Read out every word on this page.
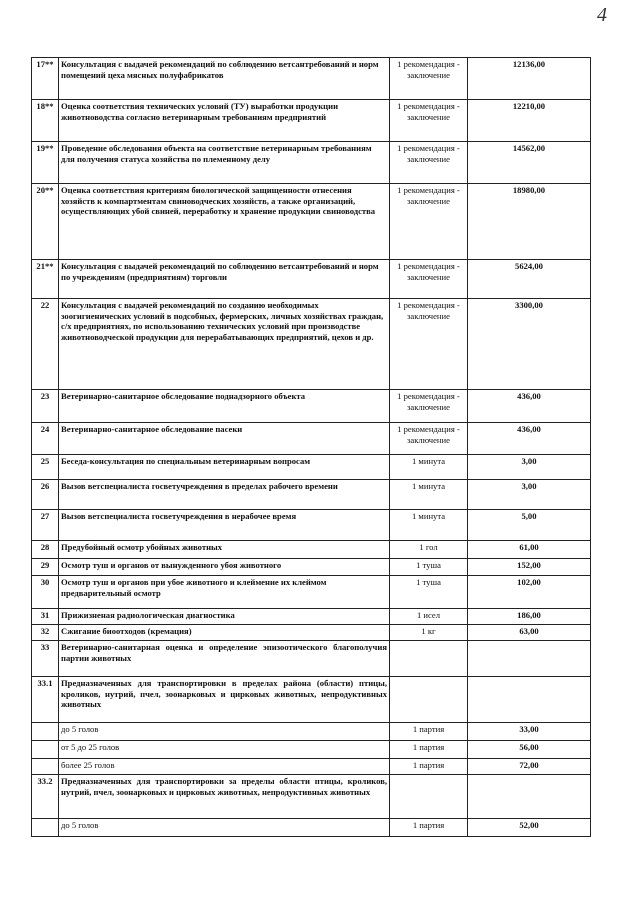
4
17**	Консультация с выдачей рекомендаций по соблюдению ветсантребований и норм помещений цеха мясных полуфабрикатов	1 рекомендация - заключение	12136,00
18**	Оценка соответствия технических условий (ТУ) выработки продукции животноводства согласно ветеринарным требованиям предприятий	1 рекомендация - заключение	12210,00
19**	Проведение обследования объекта на соответствие ветеринарным требованиям для получения статуса хозяйства по племенному делу	1 рекомендация - заключение	14562,00
20**	Оценка соответствия критериям биологической защищенности отнесения хозяйств к компартментам свиноводческих хозяйств, а также организаций, осуществляющих убой свиней, переработку и хранение продукции свиноводства	1 рекомендация - заключение	18980,00
21**	Консультация с выдачей рекомендаций по соблюдению ветсантребований и норм по учреждениям (предприятиям) торговли	1 рекомендация - заключение	5624,00
22	Консультация с выдачей рекомендаций по созданию необходимых зоогигиенических условий в подсобных, фермерских, личных хозяйствах граждан, с/х предприятиях, по использованию технических условий при производстве животноводческой продукции для перерабатывающих предприятий, цехов и др.	1 рекомендация - заключение	3300,00
23	Ветеринарно-санитарное обследование поднадзорного объекта	1 рекомендация - заключение	436,00
24	Ветеринарно-санитарное обследование пасеки	1 рекомендация - заключение	436,00
25	Беседа-консультация по специальным ветеринарным вопросам	1 минута	3,00
26	Вызов ветспециалиста госветучреждения в пределах рабочего времени	1 минута	3,00
27	Вызов ветспециалиста госветучреждения в нерабочее время	1 минута	5,00
28	Предубойный осмотр убойных животных	1 гол	61,00
29	Осмотр туш и органов от вынужденного убоя животного	1 туша	152,00
30	Осмотр туш и органов при убое животного и клеймение их клеймом предварительный осмотр	1 туша	102,00
31	Прижизненая радиологическая диагностика	1 исел	186,00
32	Сжигание биоотходов (кремация)	1 кг	63,00
33	Ветеринарно-санитарная оценка и определение эпизоотического благополучия партии животных		
33.1	Предназначенных для транспортировки в пределах района (области) птицы, кроликов, нутрий, пчел, зоонарковых и цирковых животных, непродуктивных животных		
	до 5 голов	1 партия	33,00
	от 5 до 25 голов	1 партия	56,00
	более 25 голов	1 партия	72,00
33.2	Предназначенных для транспортировки за пределы области птицы, кроликов, нутрий, пчел, зоонарковых и цирковых животных, непродуктивных животных		
	до 5 голов	1 партия	52,00
